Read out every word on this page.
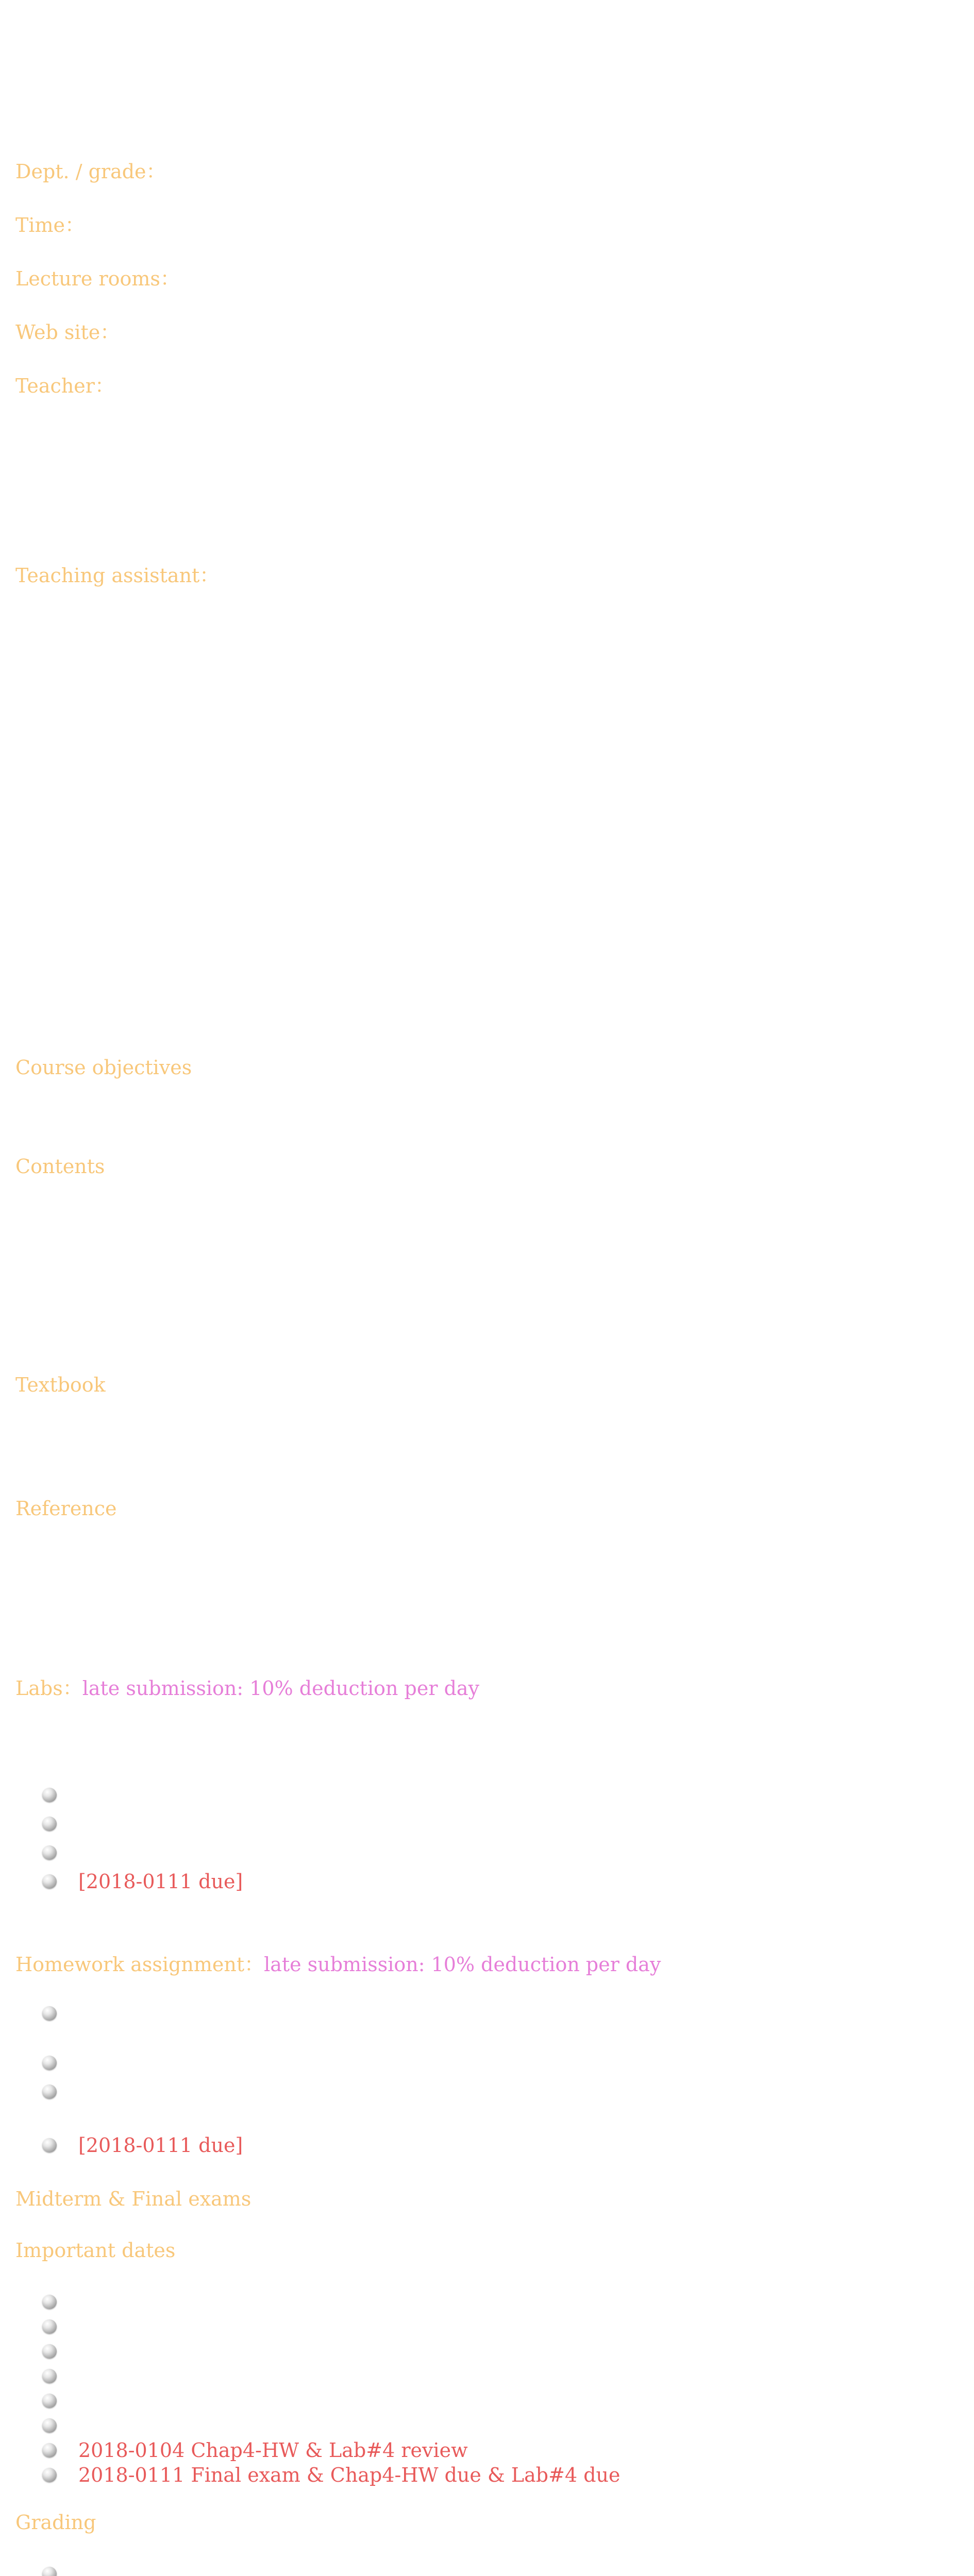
Dept. / grade：
Time：
Lecture rooms：
Web site：
Teacher：
Teaching assistant：
Course objectives
Contents
Textbook
Reference
Labs：late submission: 10% deduction per day
[2018-0111 due]
Homework assignment：late submission: 10% deduction per day
[2018-0111 due]
Midterm & Final exams
Important dates
2018-0104 Chap4-HW & Lab#4 review
2018-0111 Final exam & Chap4-HW due & Lab#4 due
Grading
